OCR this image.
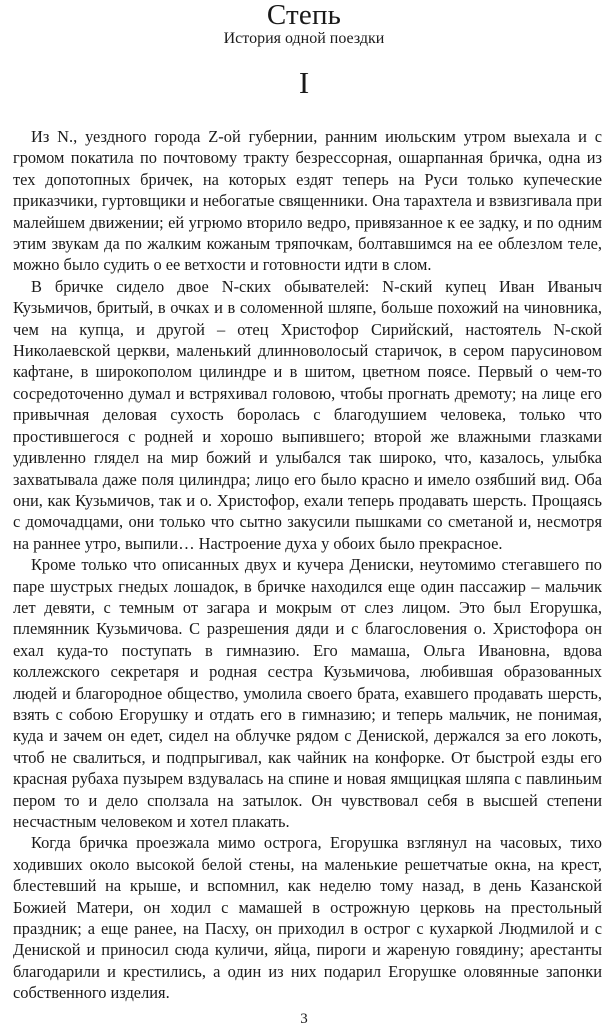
Степь
История одной поездки
I

Из N., уездного города Z-ой губернии, ранним июльским утром выехала и с громом покатила по почтовому тракту безрессорная, ошарпанная бричка, одна из тех допотопных бричек, на которых ездят теперь на Руси только купеческие приказчики, гуртовщики и небогатые священники. Она тарахтела и взвизгивала при малейшем движении; ей угрюмо вторило ведро, привязанное к ее задку, и по одним этим звукам да по жалким кожаным тряпочкам, болтавшимся на ее облезлом теле, можно было судить о ее ветхости и готовности идти в слом.

В бричке сидело двое N-ских обывателей: N-ский купец Иван Иваныч Кузьмичов, бритый, в очках и в соломенной шляпе, больше похожий на чиновника, чем на купца, и другой – отец Христофор Сирийский, настоятель N-ской Николаевской церкви, маленький длинноволосый старичок, в сером парусиновом кафтане, в широкополом цилиндре и в шитом, цветном поясе. Первый о чем-то сосредоточенно думал и встряхивал головою, чтобы прогнать дремоту; на лице его привычная деловая сухость боролась с благодушием человека, только что простившегося с родней и хорошо выпившего; второй же влажными глазками удивленно глядел на мир божий и улыбался так широко, что, казалось, улыбка захватывала даже поля цилиндра; лицо его было красно и имело озябший вид. Оба они, как Кузьмичов, так и о. Христофор, ехали теперь продавать шерсть. Прощаясь с домочадцами, они только что сытно закусили пышками со сметаной и, несмотря на раннее утро, выпили… Настроение духа у обоих было прекрасное.

Кроме только что описанных двух и кучера Дениски, неутомимо стегавшего по паре шустрых гнедых лошадок, в бричке находился еще один пассажир – мальчик лет девяти, с темным от загара и мокрым от слез лицом. Это был Егорушка, племянник Кузьмичова. С разрешения дяди и с благословения о. Христофора он ехал куда-то поступать в гимназию. Его мамаша, Ольга Ивановна, вдова коллежского секретаря и родная сестра Кузьмичова, любившая образованных людей и благородное общество, умолила своего брата, ехавшего продавать шерсть, взять с собою Егорушку и отдать его в гимназию; и теперь мальчик, не понимая, куда и зачем он едет, сидел на облучке рядом с Дениской, держался за его локоть, чтоб не свалиться, и подпрыгивал, как чайник на конфорке. От быстрой езды его красная рубаха пузырем вздувалась на спине и новая ямщицкая шляпа с павлиньим пером то и дело сползала на затылок. Он чувствовал себя в высшей степени несчастным человеком и хотел плакать.

Когда бричка проезжала мимо острога, Егорушка взглянул на часовых, тихо ходивших около высокой белой стены, на маленькие решетчатые окна, на крест, блестевший на крыше, и вспомнил, как неделю тому назад, в день Казанской Божией Матери, он ходил с мамашей в острожную церковь на престольный праздник; а еще ранее, на Пасху, он приходил в острог с кухаркой Людмилой и с Дениской и приносил сюда куличи, яйца, пироги и жареную говядину; арестанты благодарили и крестились, а один из них подарил Егорушке оловянные запонки собственного изделия.

3
